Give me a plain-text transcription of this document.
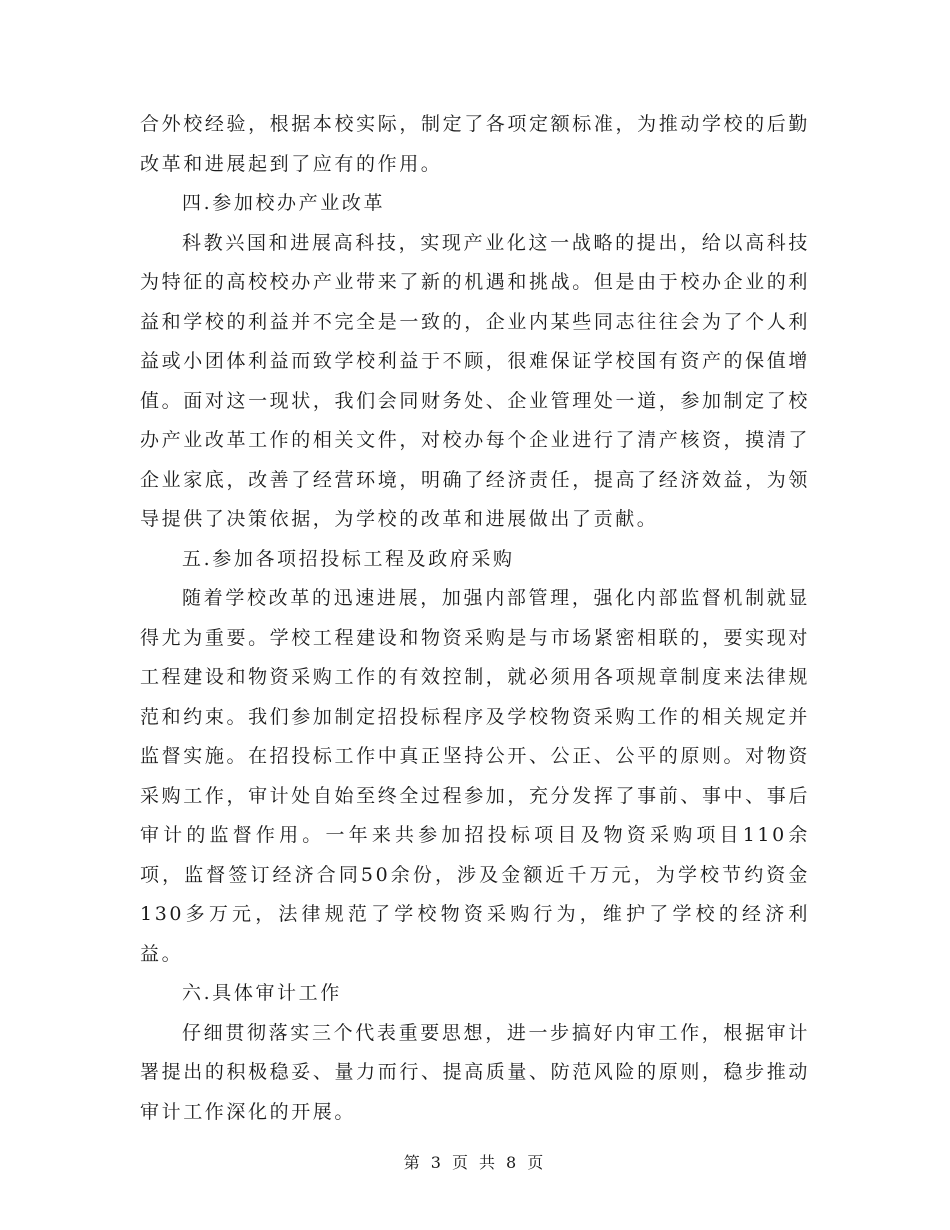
合外校经验，根据本校实际，制定了各项定额标准，为推动学校的后勤改革和进展起到了应有的作用。

四.参加校办产业改革

科教兴国和进展高科技，实现产业化这一战略的提出，给以高科技为特征的高校校办产业带来了新的机遇和挑战。但是由于校办企业的利益和学校的利益并不完全是一致的，企业内某些同志往往会为了个人利益或小团体利益而致学校利益于不顾，很难保证学校国有资产的保值增值。面对这一现状，我们会同财务处、企业管理处一道，参加制定了校办产业改革工作的相关文件，对校办每个企业进行了清产核资，摸清了企业家底，改善了经营环境，明确了经济责任，提高了经济效益，为领导提供了决策依据，为学校的改革和进展做出了贡献。

五.参加各项招投标工程及政府采购

随着学校改革的迅速进展，加强内部管理，强化内部监督机制就显得尤为重要。学校工程建设和物资采购是与市场紧密相联的，要实现对工程建设和物资采购工作的有效控制，就必须用各项规章制度来法律规范和约束。我们参加制定招投标程序及学校物资采购工作的相关规定并监督实施。在招投标工作中真正坚持公开、公正、公平的原则。对物资采购工作，审计处自始至终全过程参加，充分发挥了事前、事中、事后审计的监督作用。一年来共参加招投标项目及物资采购项目110余项，监督签订经济合同50余份，涉及金额近千万元，为学校节约资金130多万元，法律规范了学校物资采购行为，维护了学校的经济利益。

六.具体审计工作

仔细贯彻落实三个代表重要思想，进一步搞好内审工作，根据审计署提出的积极稳妥、量力而行、提高质量、防范风险的原则，稳步推动审计工作深化的开展。

第 3 页 共 8 页
